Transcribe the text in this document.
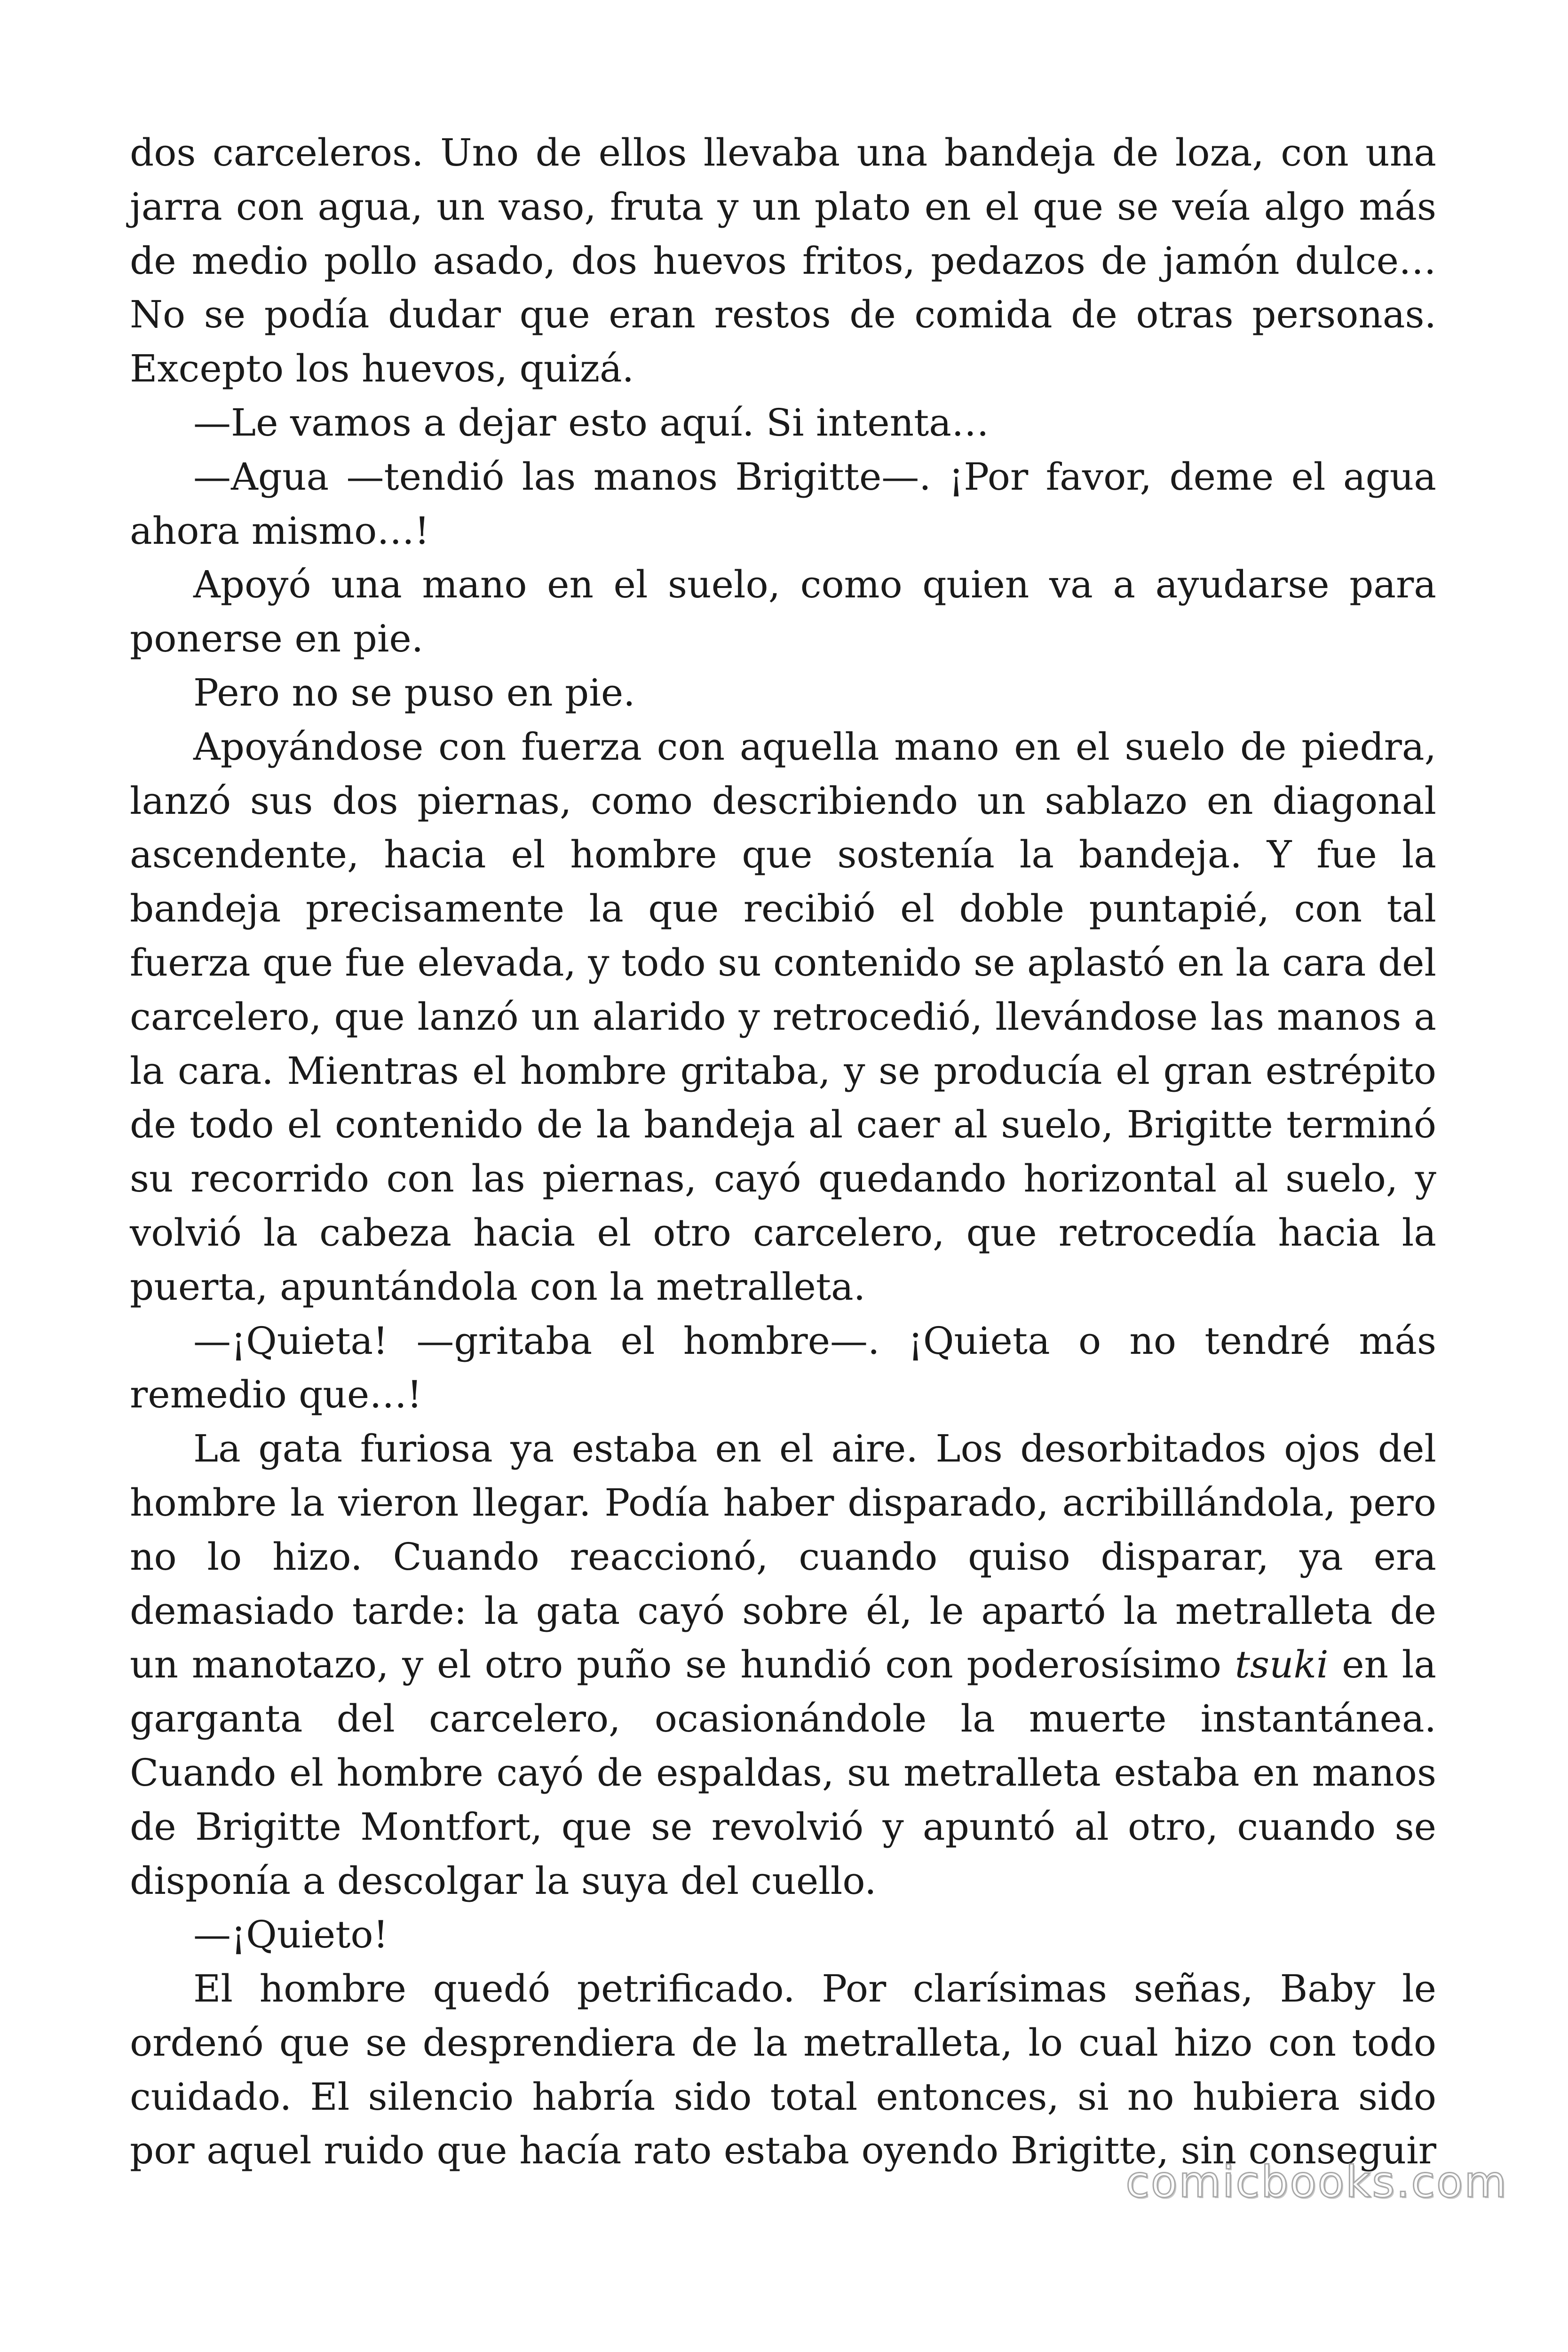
dos carceleros. Uno de ellos llevaba una bandeja de loza, con una jarra con agua, un vaso, fruta y un plato en el que se veía algo más de medio pollo asado, dos huevos fritos, pedazos de jamón dulce… No se podía dudar que eran restos de comida de otras personas. Excepto los huevos, quizá.

—Le vamos a dejar esto aquí. Si intenta…

—Agua —tendió las manos Brigitte—. ¡Por favor, deme el agua ahora mismo…!

Apoyó una mano en el suelo, como quien va a ayudarse para ponerse en pie.

Pero no se puso en pie.

Apoyándose con fuerza con aquella mano en el suelo de piedra, lanzó sus dos piernas, como describiendo un sablazo en diagonal ascendente, hacia el hombre que sostenía la bandeja. Y fue la bandeja precisamente la que recibió el doble puntapié, con tal fuerza que fue elevada, y todo su contenido se aplastó en la cara del carcelero, que lanzó un alarido y retrocedió, llevándose las manos a la cara. Mientras el hombre gritaba, y se producía el gran estrépito de todo el contenido de la bandeja al caer al suelo, Brigitte terminó su recorrido con las piernas, cayó quedando horizontal al suelo, y volvió la cabeza hacia el otro carcelero, que retrocedía hacia la puerta, apuntándola con la metralleta.

—¡Quieta! —gritaba el hombre—. ¡Quieta o no tendré más remedio que…!

La gata furiosa ya estaba en el aire. Los desorbitados ojos del hombre la vieron llegar. Podía haber disparado, acribillándola, pero no lo hizo. Cuando reaccionó, cuando quiso disparar, ya era demasiado tarde: la gata cayó sobre él, le apartó la metralleta de un manotazo, y el otro puño se hundió con poderosísimo tsuki en la garganta del carcelero, ocasionándole la muerte instantánea. Cuando el hombre cayó de espaldas, su metralleta estaba en manos de Brigitte Montfort, que se revolvió y apuntó al otro, cuando se disponía a descolgar la suya del cuello.

—¡Quieto!

El hombre quedó petrificado. Por clarísimas señas, Baby le ordenó que se desprendiera de la metralleta, lo cual hizo con todo cuidado. El silencio habría sido total entonces, si no hubiera sido por aquel ruido que hacía rato estaba oyendo Brigitte, sin conseguir

comicbooks.com
